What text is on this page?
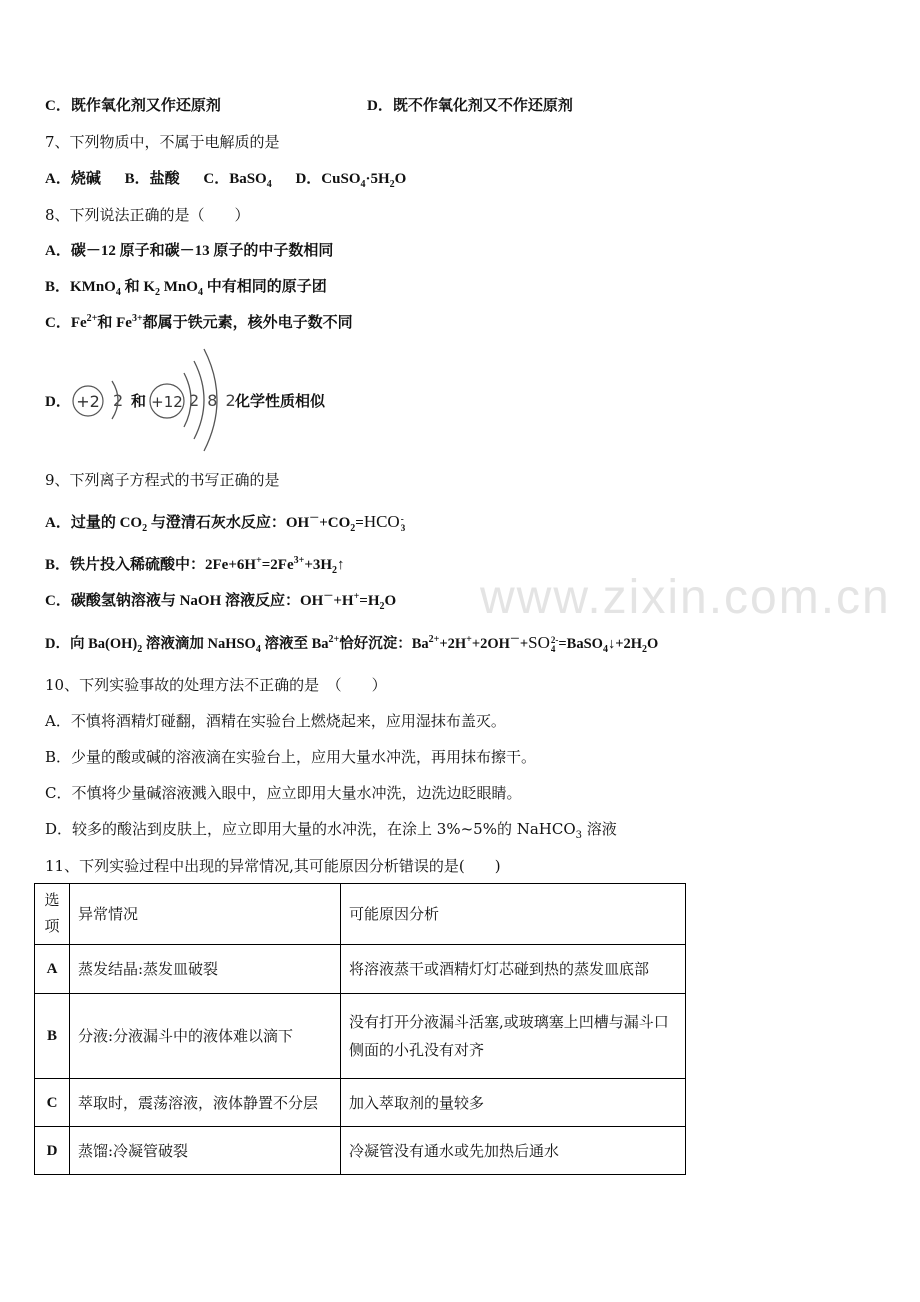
www.zixin.com.cn
C．既作氧化剂又作还原剂	D．既不作氧化剂又不作还原剂
7、下列物质中，不属于电解质的是
A．烧碱 B．盐酸 C．BaSO$_4$ D．$CuSO_4\cdot 5H_2O$
8、下列说法正确的是（　　）
A．碳－12 原子和碳－13 原子的中子数相同
B．KMnO$_4$ 和 $K_2$ MnO$_4$ 中有相同的原子团
C．$Fe^{2+}$和 $Fe^{3+}$都属于铁元素，核外电子数不同
D． +2 2 和 +12 2 8 2 化学性质相似
9、下列离子方程式的书写正确的是
A．过量的 $CO_2$ 与澄清石灰水反应：$OH^-+CO_2=HCO$ -
3
B．铁片投入稀硫酸中：$2Fe+6H^+=2Fe^{3+}+3H_2↑$
C．碳酸氢钠溶液与 NaOH 溶液反应：$OH^-+H^+=H_2O$
D．向 $Ba(OH)_2$ 溶液滴加 NaHSO$_4$ 溶液至 $Ba^{2+}$恰好沉淀：$Ba^{2+}+2H^++2OH^-+SO$ 2-
$4 =BaSO_4↓+2H_2O$
10、下列实验事故的处理方法不正确的是　（　　）
A．不慎将酒精灯碰翻，酒精在实验台上燃烧起来，应用湿抹布盖灭。
B．少量的酸或碱的溶液滴在实验台上，应用大量水冲洗，再用抹布擦干。
C．不慎将少量碱溶液溅入眼中，应立即用大量水冲洗，边洗边眨眼睛。
D．较多的酸沾到皮肤上，应立即用大量的水冲洗，在涂上 3%~5%的 NaHCO$_3$ 溶液
11、下列实验过程中出现的异常情况,其可能原因分析错误的是(　　)
选项	异常情况	可能原因分析
A	蒸发结晶:蒸发皿破裂	将溶液蒸干或酒精灯灯芯碰到热的蒸发皿底部
B	分液:分液漏斗中的液体难以滴下	没有打开分液漏斗活塞,或玻璃塞上凹槽与漏斗口侧面的小孔没有对齐
C	萃取时，震荡溶液，液体静置不分层	加入萃取剂的量较多
D	蒸馏:冷凝管破裂	冷凝管没有通水或先加热后通水
